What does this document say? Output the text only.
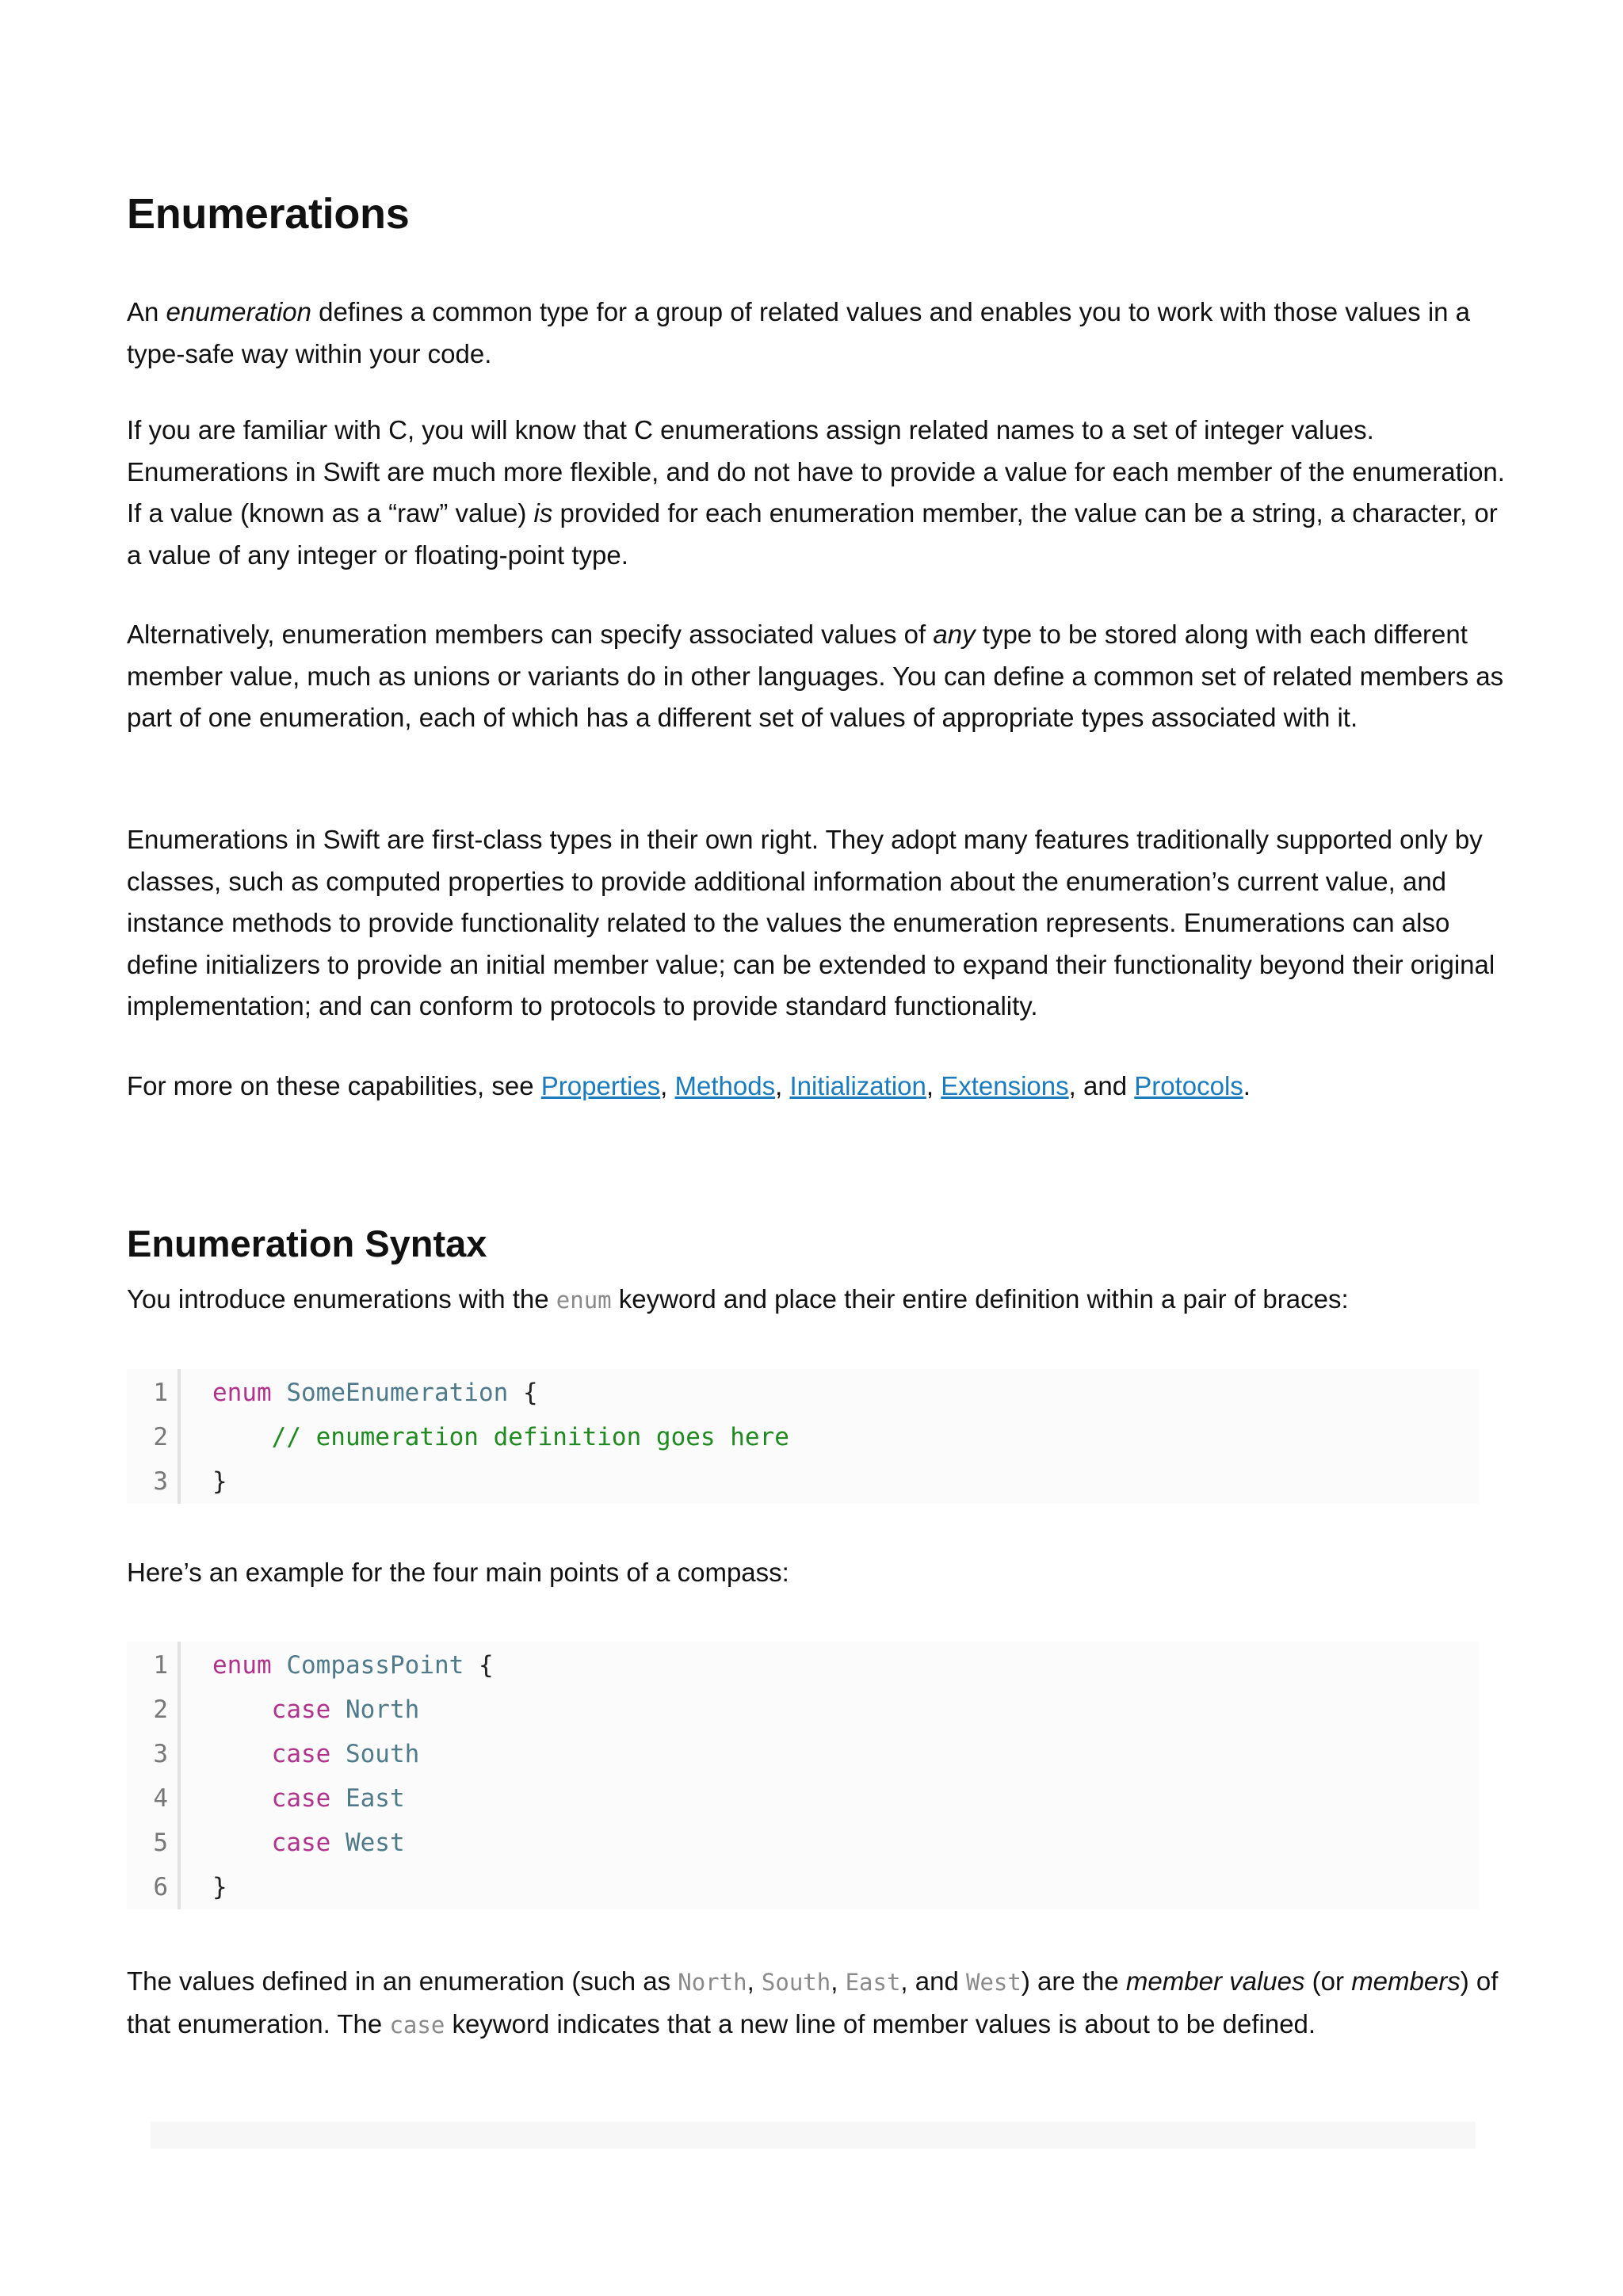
Enumerations

An enumeration defines a common type for a group of related values and enables you to work with those values in a type-safe way within your code.

If you are familiar with C, you will know that C enumerations assign related names to a set of integer values. Enumerations in Swift are much more flexible, and do not have to provide a value for each member of the enumeration. If a value (known as a “raw” value) is provided for each enumeration member, the value can be a string, a character, or a value of any integer or floating-point type.

Alternatively, enumeration members can specify associated values of any type to be stored along with each different member value, much as unions or variants do in other languages. You can define a common set of related members as part of one enumeration, each of which has a different set of values of appropriate types associated with it.

Enumerations in Swift are first-class types in their own right. They adopt many features traditionally supported only by classes, such as computed properties to provide additional information about the enumeration’s current value, and instance methods to provide functionality related to the values the enumeration represents. Enumerations can also define initializers to provide an initial member value; can be extended to expand their functionality beyond their original implementation; and can conform to protocols to provide standard functionality.

For more on these capabilities, see Properties, Methods, Initialization, Extensions, and Protocols.

Enumeration Syntax

You introduce enumerations with the enum keyword and place their entire definition within a pair of braces:

Here’s an example for the four main points of a compass:

The values defined in an enumeration (such as North, South, East, and West) are the member values (or members) of that enumeration. The case keyword indicates that a new line of member values is about to be defined.

1
2
3
enum SomeEnumeration {
// enumeration definition goes here
}
1
2
3
4
5
6
enum CompassPoint {
case North
case South
case East
case West
}
